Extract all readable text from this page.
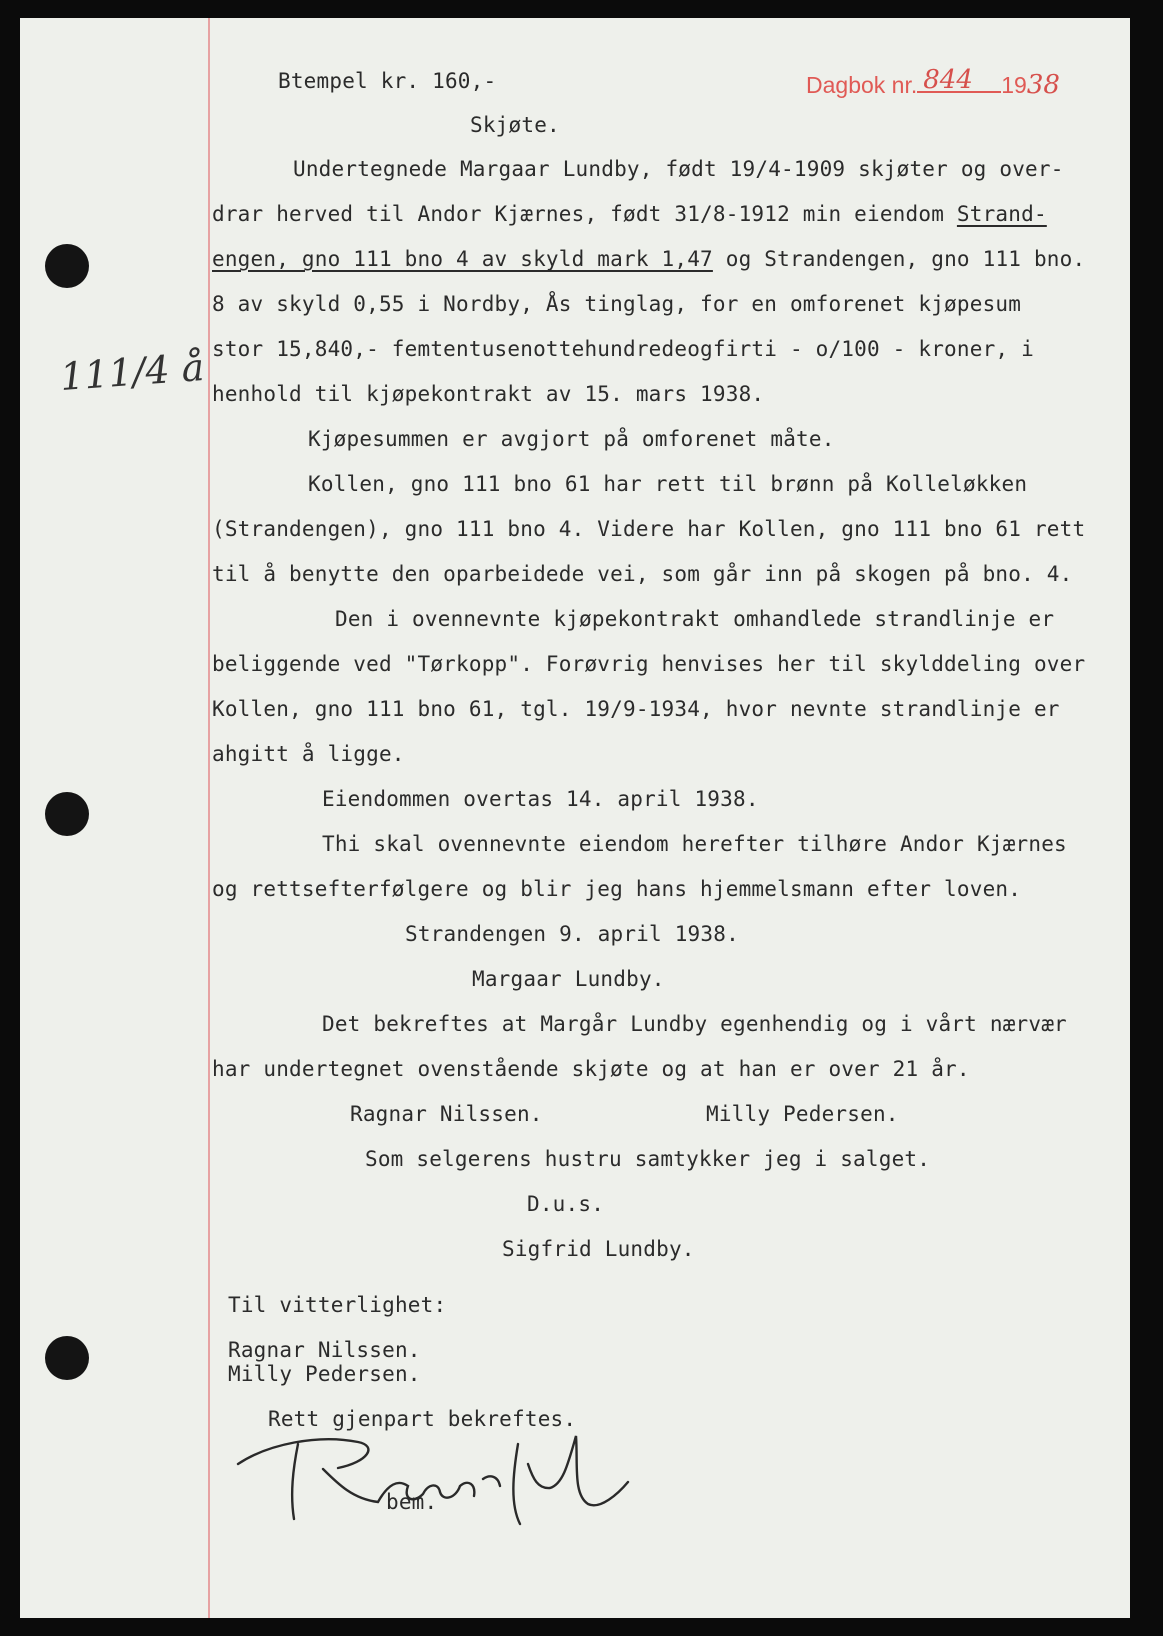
Dagbok nr. 844 1938
111/4 å
Btempel kr. 160,-
Skjøte.
Undertegnede Margaar Lundby, født 19/4-1909 skjøter og over-
drar herved til Andor Kjærnes, født 31/8-1912 min eiendom Strand-
engen, gno 111 bno 4 av skyld mark 1,47 og Strandengen, gno 111 bno.
8 av skyld 0,55 i Nordby, Ås tinglag, for en omforenet kjøpesum
stor 15,840,- femtentusenottehundredeogfirti - o/100 - kroner, i
henhold til kjøpekontrakt av 15. mars 1938.
Kjøpesummen er avgjort på omforenet måte.
Kollen, gno 111 bno 61 har rett til brønn på Kolleløkken
(Strandengen), gno 111 bno 4. Videre har Kollen, gno 111 bno 61 rett
til å benytte den oparbeidede vei, som går inn på skogen på bno. 4.
Den i ovennevnte kjøpekontrakt omhandlede strandlinje er
beliggende ved "Tørkopp". Forøvrig henvises her til skylddeling over
Kollen, gno 111 bno 61, tgl. 19/9-1934, hvor nevnte strandlinje er
ahgitt å ligge.
Eiendommen overtas 14. april 1938.
Thi skal ovennevnte eiendom herefter tilhøre Andor Kjærnes
og rettsefterfølgere og blir jeg hans hjemmelsmann efter loven.
Strandengen 9. april 1938.
Margaar Lundby.
Det bekreftes at Margår Lundby egenhendig og i vårt nærvær
har undertegnet ovenstående skjøte og at han er over 21 år.
Ragnar Nilssen.	Milly Pedersen.
Som selgerens hustru samtykker jeg i salget.
D.u.s.
Sigfrid Lundby.
Til vitterlighet:
Ragnar Nilssen.
Milly Pedersen.
Rett gjenpart bekreftes.
bem.
